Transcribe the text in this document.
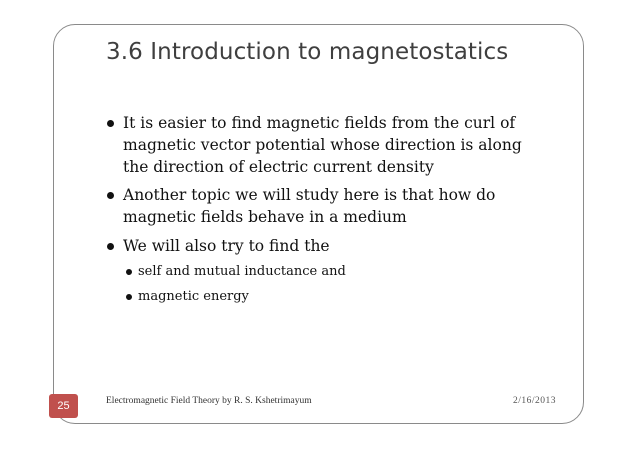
3.6 Introduction to magnetostatics
It is easier to find magnetic fields from the curl of magnetic vector potential whose direction is along the direction of electric current density
Another topic we will study here is that how do magnetic fields behave in a medium
We will also try to find the
self and mutual inductance and
magnetic energy
25	Electromagnetic Field Theory by R. S. Kshetrimayum	2/16/2013
